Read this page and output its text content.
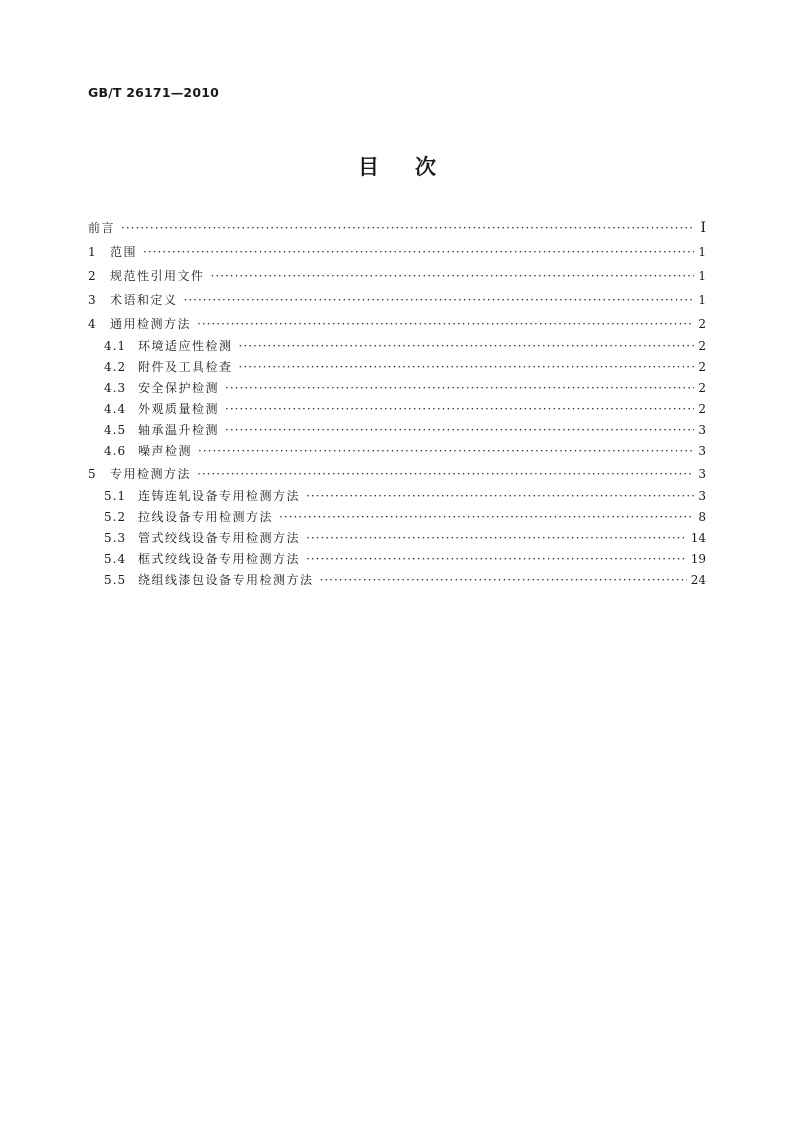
GB/T 26171—2010
目次
前言 ·····	Ⅰ
1	范围 ·····	1
2	规范性引用文件 ·····	1
3	术语和定义 ·····	1
4	通用检测方法 ·····	2
4.1 环境适应性检测 ·····	2
4.2 附件及工具检查 ·····	2
4.3 安全保护检测 ·····	2
4.4 外观质量检测 ·····	2
4.5 轴承温升检测 ·····	3
4.6 噪声检测 ·····	3
5	专用检测方法 ·····	3
5.1 连铸连轧设备专用检测方法 ·····	3
5.2 拉线设备专用检测方法 ·····	8
5.3 管式绞线设备专用检测方法 ·····	14
5.4 框式绞线设备专用检测方法 ·····	19
5.5 绕组线漆包设备专用检测方法 ·····	24
